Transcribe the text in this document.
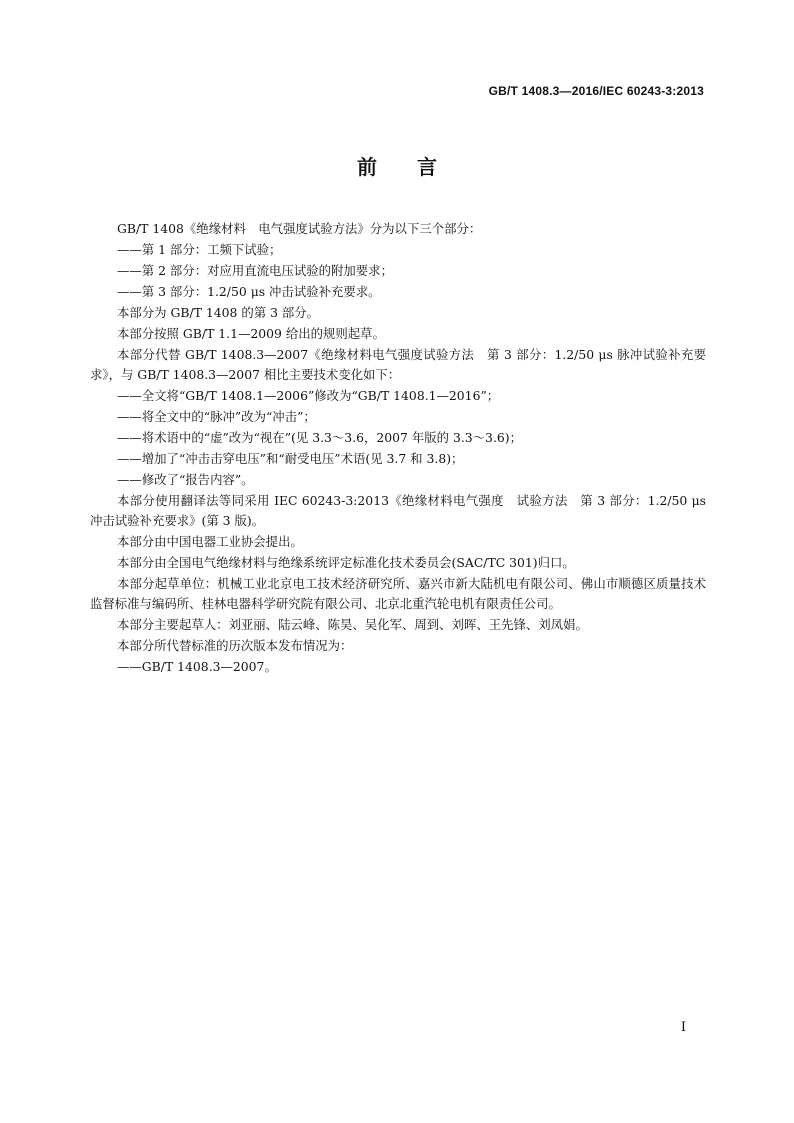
GB/T 1408.3—2016/IEC 60243-3:2013
前 言

GB/T 1408《绝缘材料　电气强度试验方法》分为以下三个部分：

——第 1 部分：工频下试验；

——第 2 部分：对应用直流电压试验的附加要求；

——第 3 部分：1.2/50 μs 冲击试验补充要求。

本部分为 GB/T 1408 的第 3 部分。

本部分按照 GB/T 1.1—2009 给出的规则起草。

本部分代替 GB/T 1408.3—2007《绝缘材料电气强度试验方法　第 3 部分：1.2/50 μs 脉冲试验补充要求》，与 GB/T 1408.3—2007 相比主要技术变化如下：

——全文将“GB/T 1408.1—2006”修改为“GB/T 1408.1—2016”；

——将全文中的“脉冲”改为“冲击”；

——将术语中的“虚”改为“视在”(见 3.3～3.6，2007 年版的 3.3～3.6)；

——增加了“冲击击穿电压”和“耐受电压”术语(见 3.7 和 3.8)；

——修改了“报告内容”。

本部分使用翻译法等同采用 IEC 60243-3:2013《绝缘材料电气强度　试验方法　第 3 部分：1.2/50 μs 冲击试验补充要求》(第 3 版)。

本部分由中国电器工业协会提出。

本部分由全国电气绝缘材料与绝缘系统评定标准化技术委员会(SAC/TC 301)归口。

本部分起草单位：机械工业北京电工技术经济研究所、嘉兴市新大陆机电有限公司、佛山市顺德区质量技术监督标准与编码所、桂林电器科学研究院有限公司、北京北重汽轮电机有限责任公司。

本部分主要起草人：刘亚丽、陆云峰、陈昊、吴化军、周到、刘晖、王先锋、刘凤娟。

本部分所代替标准的历次版本发布情况为：

——GB/T 1408.3—2007。

I
